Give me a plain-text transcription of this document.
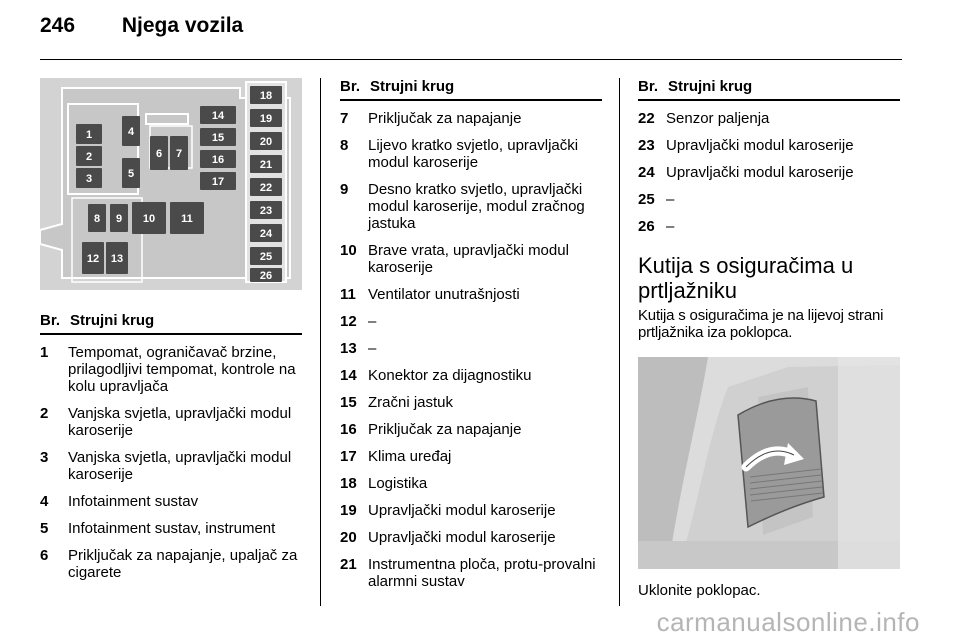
246 Njega vozila
1
2
3
4
5
6 7
8 9 10 11
12 13
14
15
16
17
18
19
20
21
22
23
24
25
26
Br. Strujni krug
1	Tempomat, ograničavač brzine, prilagodljivi tempomat, kontrole na kolu upravljača
2	Vanjska svjetla, upravljački modul karoserije
3	Vanjska svjetla, upravljački modul karoserije
4	Infotainment sustav
5	Infotainment sustav, instrument
6	Priključak za napajanje, upaljač za cigarete
Br. Strujni krug
7	Priključak za napajanje
8	Lijevo kratko svjetlo, upravljački modul karoserije
9	Desno kratko svjetlo, upravljački modul karoserije, modul zračnog jastuka
10 Brave vrata, upravljački modul karoserije
11 Ventilator unutrašnjosti
12 –
13 –
14 Konektor za dijagnostiku
15 Zračni jastuk
16 Priključak za napajanje
17 Klima uređaj
18 Logistika
19 Upravljački modul karoserije
20 Upravljački modul karoserije
21 Instrumentna ploča, protu-provalni alarmni sustav
Br. Strujni krug
22 Senzor paljenja
23 Upravljački modul karoserije
24 Upravljački modul karoserije
25 –
26 –
Kutija s osiguračima u prtljažniku

Kutija s osiguračima je na lijevoj strani prtljažnika iza poklopca.

Uklonite poklopac.
carmanualsonline.info
